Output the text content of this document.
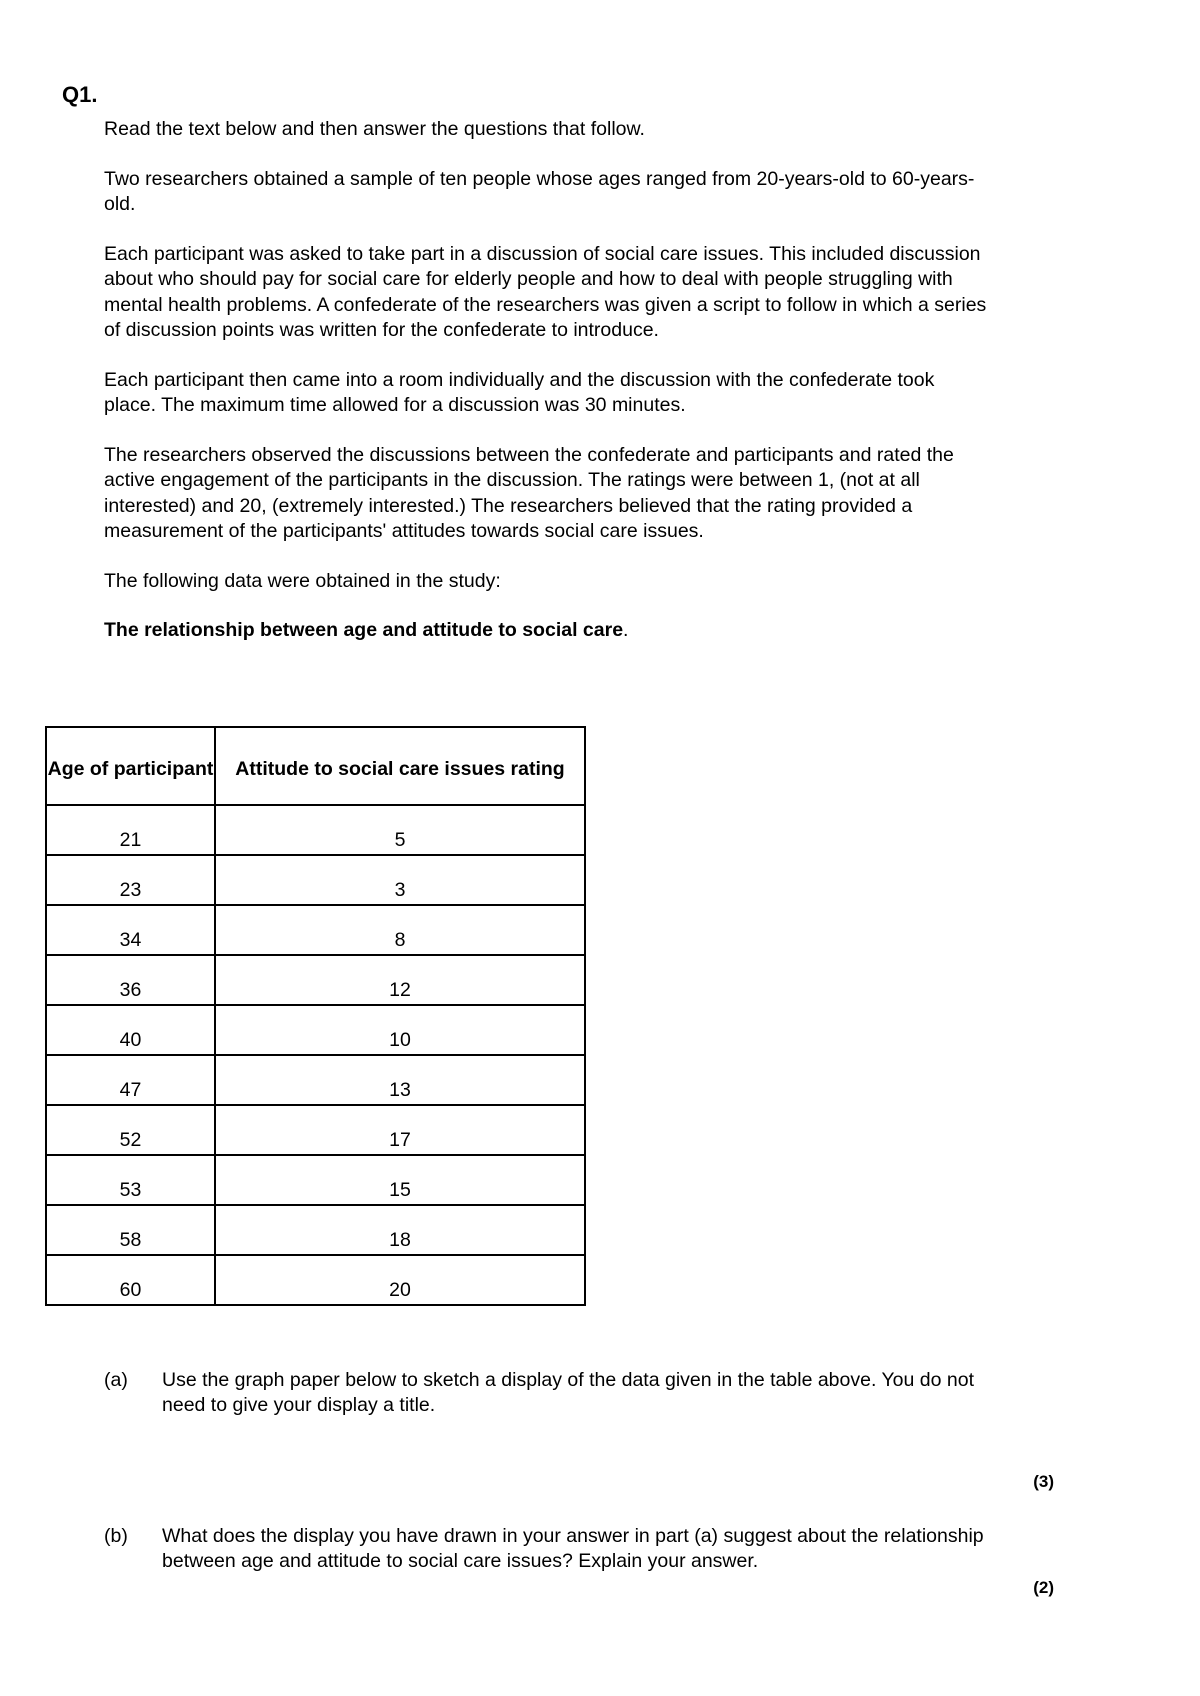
Q1.

Read the text below and then answer the questions that follow.

Two researchers obtained a sample of ten people whose ages ranged from 20-years-old to 60-years-old.

Each participant was asked to take part in a discussion of social care issues. This included discussion about who should pay for social care for elderly people and how to deal with people struggling with mental health problems. A confederate of the researchers was given a script to follow in which a series of discussion points was written for the confederate to introduce.

Each participant then came into a room individually and the discussion with the confederate took place. The maximum time allowed for a discussion was 30 minutes.

The researchers observed the discussions between the confederate and participants and rated the active engagement of the participants in the discussion. The ratings were between 1, (not at all interested) and 20, (extremely interested.) The researchers believed that the rating provided a measurement of the participants' attitudes towards social care issues.

The following data were obtained in the study:

The relationship between age and attitude to social care.

Age of participant	Attitude to social care issues rating
21	5
23	3
34	8
36	12
40	10
47	13
52	17
53	15
58	18
60	20
(a)	Use the graph paper below to sketch a display of the data given in the table above. You do not need to give your display a title.
(3)
(b)	What does the display you have drawn in your answer in part (a) suggest about the relationship between age and attitude to social care issues? Explain your answer.
(2)
